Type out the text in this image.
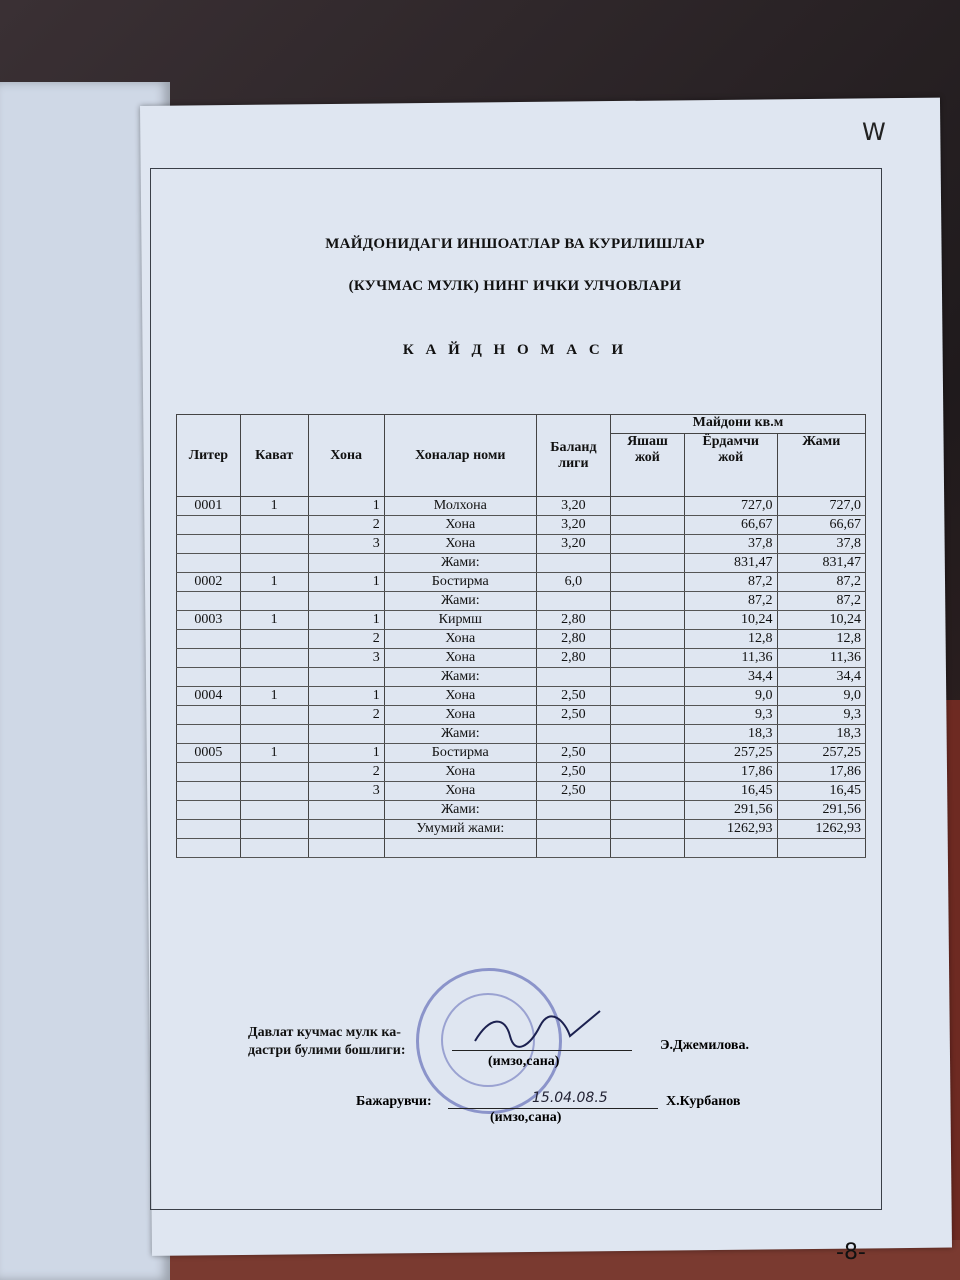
W
МАЙДОНИДАГИ ИНШОАТЛАР ВА КУРИЛИШЛАР
(КУЧМАС МУЛК) НИНГ ИЧКИ УЛЧОВЛАРИ
К А Й Д Н О М А С И
Литер	Кават	Хона	Хоналар номи	Баланд лиги	Майдони кв.м		
					Яшаш жой	Ёрдамчи жой	Жами
0001	1	1	Молхона	3,20		727,0	727,0
		2	Хона	3,20		66,67	66,67
		3	Хона	3,20		37,8	37,8
			Жами:			831,47	831,47
0002	1	1	Бостирма	6,0		87,2	87,2
			Жами:			87,2	87,2
0003	1	1	Кирмш	2,80		10,24	10,24
		2	Хона	2,80		12,8	12,8
		3	Хона	2,80		11,36	11,36
			Жами:			34,4	34,4
0004	1	1	Хона	2,50		9,0	9,0
		2	Хона	2,50		9,3	9,3
			Жами:			18,3	18,3
0005	1	1	Бостирма	2,50		257,25	257,25
		2	Хона	2,50		17,86	17,86
		3	Хона	2,50		16,45	16,45
			Жами:			291,56	291,56
			Умумий жами:			1262,93	1262,93

Давлат кучмас мулк ка-
дастри булими бошлиги:
(имзо,сана)
Э.Джемилова.
Бажарувчи:	15.04.08.5
(имзо,сана)
Х.Курбанов
-8-
